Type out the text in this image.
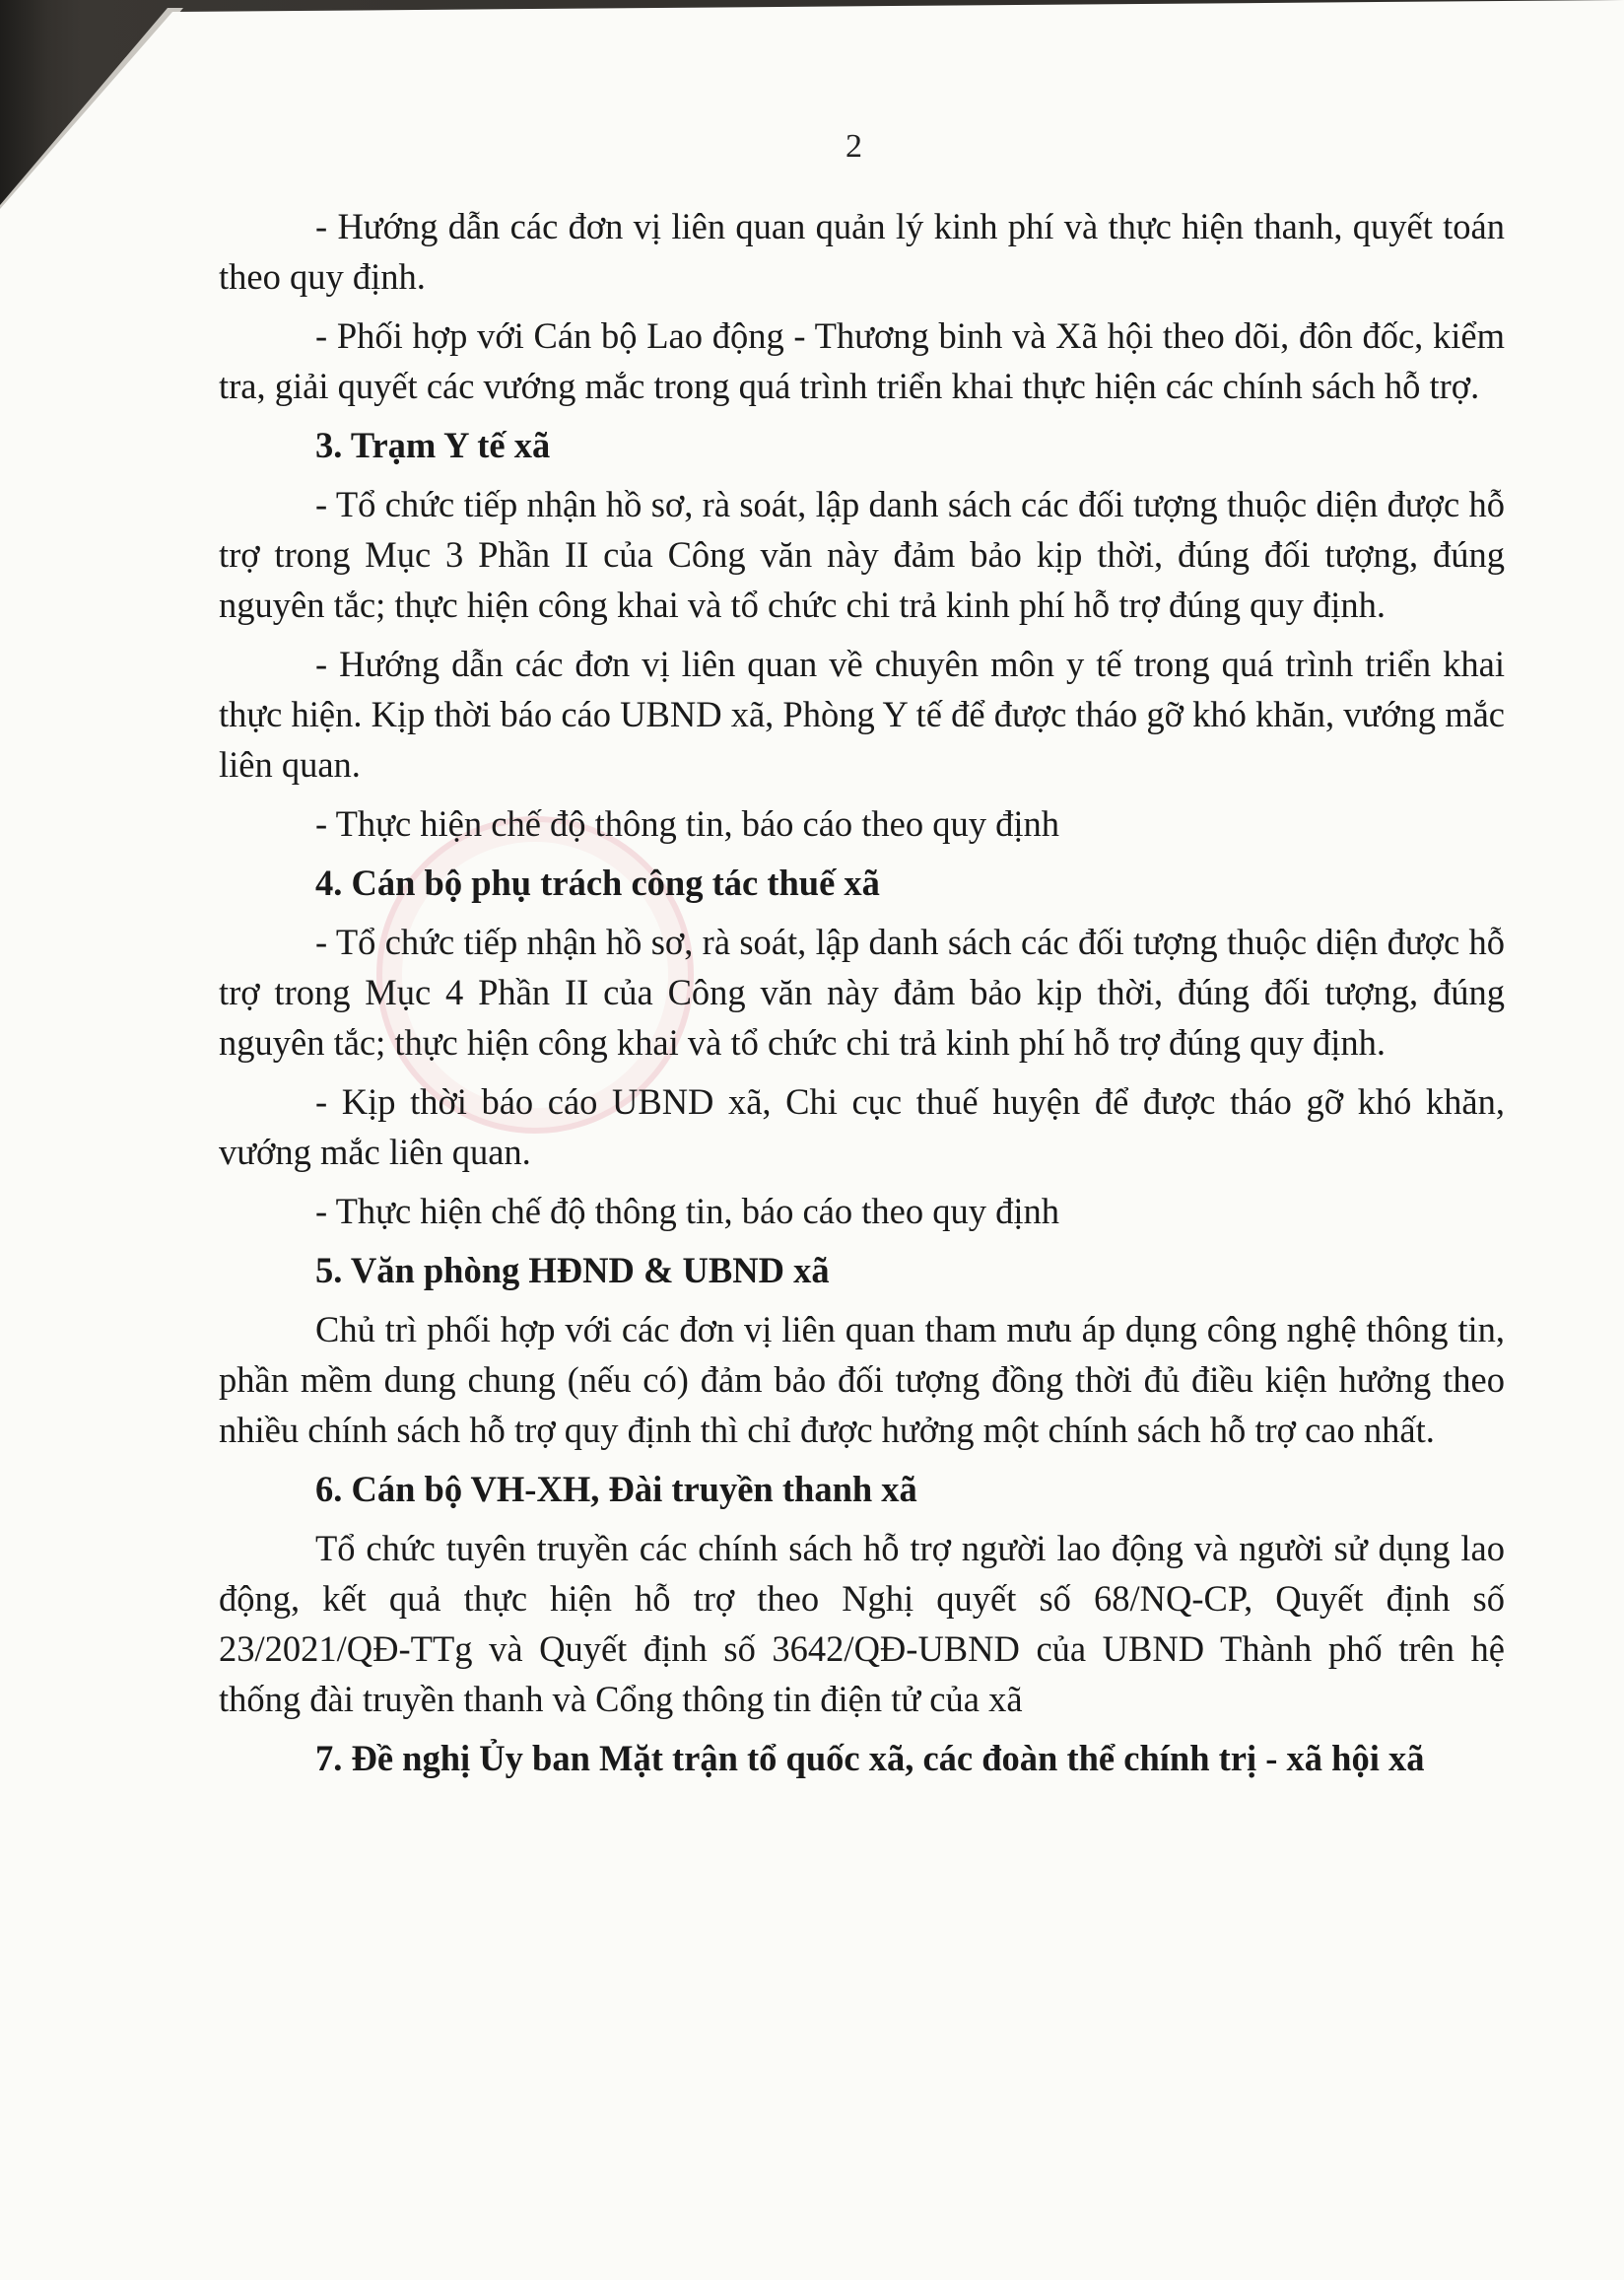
2

- Hướng dẫn các đơn vị liên quan quản lý kinh phí và thực hiện thanh, quyết toán theo quy định.

- Phối hợp với Cán bộ Lao động - Thương binh và Xã hội theo dõi, đôn đốc, kiểm tra, giải quyết các vướng mắc trong quá trình triển khai thực hiện các chính sách hỗ trợ.

3. Trạm Y tế xã

- Tổ chức tiếp nhận hồ sơ, rà soát, lập danh sách các đối tượng thuộc diện được hỗ trợ trong Mục 3 Phần II của Công văn này đảm bảo kịp thời, đúng đối tượng, đúng nguyên tắc; thực hiện công khai và tổ chức chi trả kinh phí hỗ trợ đúng quy định.

- Hướng dẫn các đơn vị liên quan về chuyên môn y tế trong quá trình triển khai thực hiện. Kịp thời báo cáo UBND xã, Phòng Y tế để được tháo gỡ khó khăn, vướng mắc liên quan.

- Thực hiện chế độ thông tin, báo cáo theo quy định

4. Cán bộ phụ trách công tác thuế xã

- Tổ chức tiếp nhận hồ sơ, rà soát, lập danh sách các đối tượng thuộc diện được hỗ trợ trong Mục 4 Phần II của Công văn này đảm bảo kịp thời, đúng đối tượng, đúng nguyên tắc; thực hiện công khai và tổ chức chi trả kinh phí hỗ trợ đúng quy định.

- Kịp thời báo cáo UBND xã, Chi cục thuế huyện để được tháo gỡ khó khăn, vướng mắc liên quan.

- Thực hiện chế độ thông tin, báo cáo theo quy định

5. Văn phòng HĐND & UBND xã

Chủ trì phối hợp với các đơn vị liên quan tham mưu áp dụng công nghệ thông tin, phần mềm dung chung (nếu có) đảm bảo đối tượng đồng thời đủ điều kiện hưởng theo nhiều chính sách hỗ trợ quy định thì chỉ được hưởng một chính sách hỗ trợ cao nhất.

6. Cán bộ VH-XH, Đài truyền thanh xã

Tổ chức tuyên truyền các chính sách hỗ trợ người lao động và người sử dụng lao động, kết quả thực hiện hỗ trợ theo Nghị quyết số 68/NQ-CP, Quyết định số 23/2021/QĐ-TTg và Quyết định số 3642/QĐ-UBND của UBND Thành phố trên hệ thống đài truyền thanh và Cổng thông tin điện tử của xã

7. Đề nghị Ủy ban Mặt trận tổ quốc xã, các đoàn thể chính trị - xã hội xã
